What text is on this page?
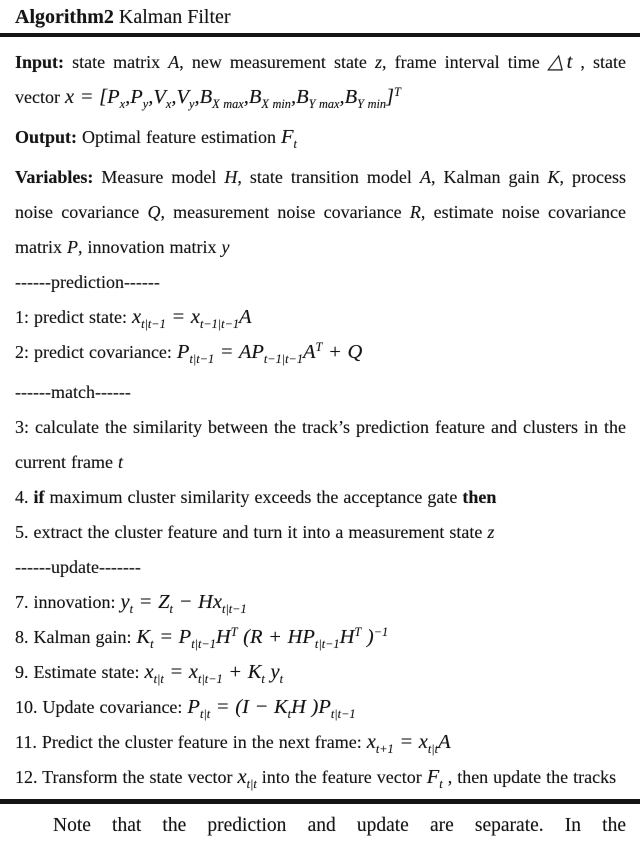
Algorithm2 Kalman Filter

Input: state matrix A, new measurement state z, frame interval time △t , state vector $x = [P_x,P_y,V_x,V_y,B_{X max},B_{X min},B_{Y max},B_{Y min}]^T$

Output: Optimal feature estimation $F_t$

Variables: Measure model H, state transition model A, Kalman gain K, process noise covariance Q, measurement noise covariance R, estimate noise covariance matrix P, innovation matrix y

------prediction------

1: predict state: $x_{t|t-1} = x_{t-1|t-1}A$

2: predict covariance: $P_{t|t-1} = AP_{t-1|t-1}A^T + Q$

------match------

3: calculate the similarity between the track’s prediction feature and clusters in the current frame t

4. if maximum cluster similarity exceeds the acceptance gate then

5. extract the cluster feature and turn it into a measurement state z

------update-------

7. innovation: $y_t = Z_t - Hx_{t|t-1}$

8. Kalman gain: $K_t = P_{t|t-1}H^T$ ($R + HP_{t|t-1}H^T$ )$^{-1}$

9. Estimate state: $x_{t|t} = x_{t|t-1} + K_t$ $y_t$

10. Update covariance: $P_{t|t} = (I - K_tH$ )$P_{t|t-1}$

11. Predict the cluster feature in the next frame: $x_{t+1} = x_{t|t}A$

12. Transform the state vector $x_{t|t}$ into the feature vector $F_t$ , then update the tracks

Note that the prediction and update are separate. In the
